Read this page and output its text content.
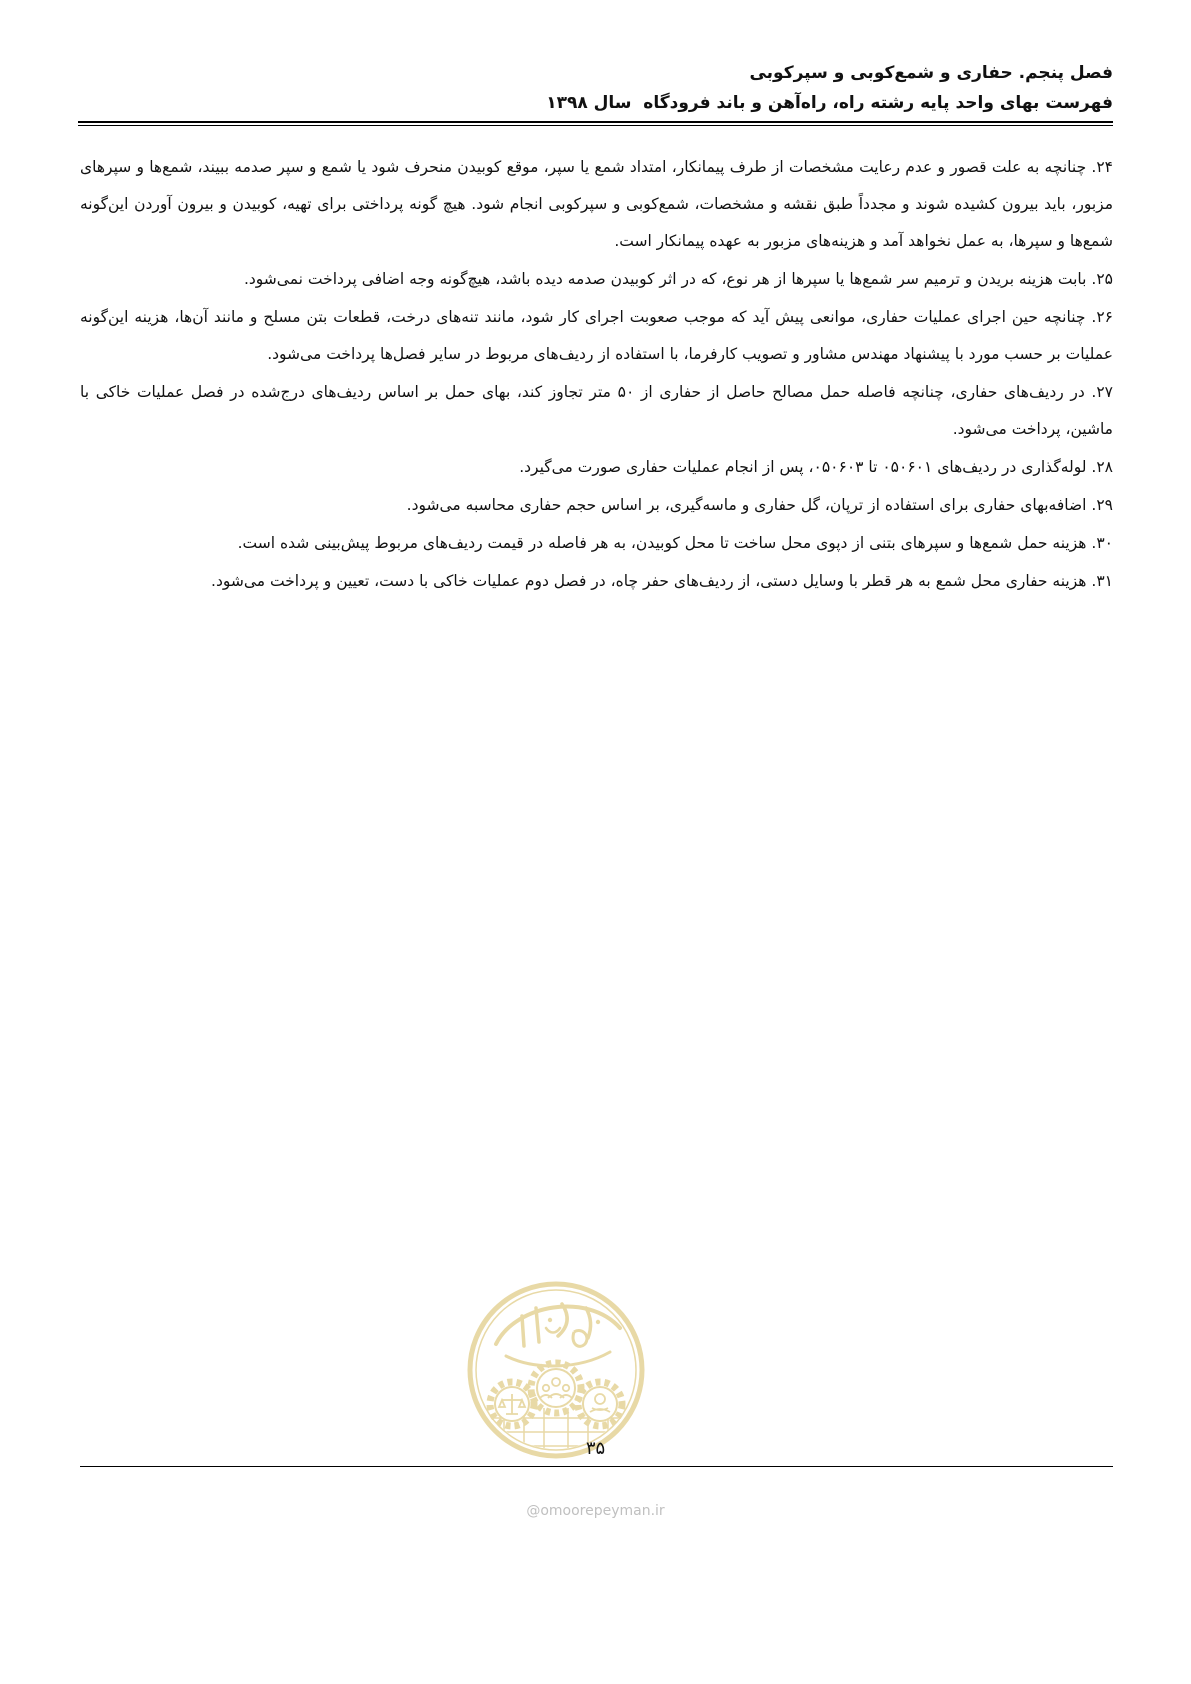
فصل پنجم. حفاری و شمع‌کوبی و سپرکوبی
فهرست بهای واحد پایه رشته راه، راه‌آهن و باند فرودگاه  سال ۱۳۹۸

۲۴. چنانچه به علت قصور و عدم رعایت مشخصات از طرف پیمانکار، امتداد شمع یا سپر، موقع کوبیدن منحرف شود یا شمع و سپر صدمه ببیند، شمع‌ها و سپرهای مزبور، باید بیرون کشیده شوند و مجدداً طبق نقشه و مشخصات، شمع‌کوبی و سپرکوبی انجام شود. هیچ گونه پرداختی برای تهیه، کوبیدن و بیرون آوردن این‌گونه شمع‌ها و سپرها، به عمل نخواهد آمد و هزینه‌های مزبور به عهده پیمانکار است.

۲۵. بابت هزینه بریدن و ترمیم سر شمع‌ها یا سپرها از هر نوع، که در اثر کوبیدن صدمه دیده باشد، هیچ‌گونه وجه اضافی پرداخت نمی‌شود.

۲۶. چنانچه حین اجرای عملیات حفاری، موانعی پیش آید که موجب صعوبت اجرای کار شود، مانند تنه‌های درخت، قطعات بتن مسلح و مانند آن‌ها، هزینه این‌گونه عملیات بر حسب مورد با پیشنهاد مهندس مشاور و تصویب کارفرما، با استفاده از ردیف‌های مربوط در سایر فصل‌ها پرداخت می‌شود.

۲۷. در ردیف‌های حفاری، چنانچه فاصله حمل مصالح حاصل از حفاری از ۵۰ متر تجاوز کند، بهای حمل بر اساس ردیف‌های درج‌شده در فصل عملیات خاکی با ماشین، پرداخت می‌شود.

۲۸. لوله‌گذاری در ردیف‌های ۰۵۰۶۰۱ تا ۰۵۰۶۰۳، پس از انجام عملیات حفاری صورت می‌گیرد.

۲۹. اضافه‌بهای حفاری برای استفاده از ترپان، گل حفاری و ماسه‌گیری، بر اساس حجم حفاری محاسبه می‌شود.

۳۰. هزینه حمل شمع‌ها و سپرهای بتنی از دپوی محل ساخت تا محل کوبیدن، به هر فاصله در قیمت ردیف‌های مربوط پیش‌بینی شده است.

۳۱. هزینه حفاری محل شمع به هر قطر با وسایل دستی، از ردیف‌های حفر چاه، در فصل دوم عملیات خاکی با دست، تعیین و پرداخت می‌شود.

۳۵
@omoorepeyman.ir
